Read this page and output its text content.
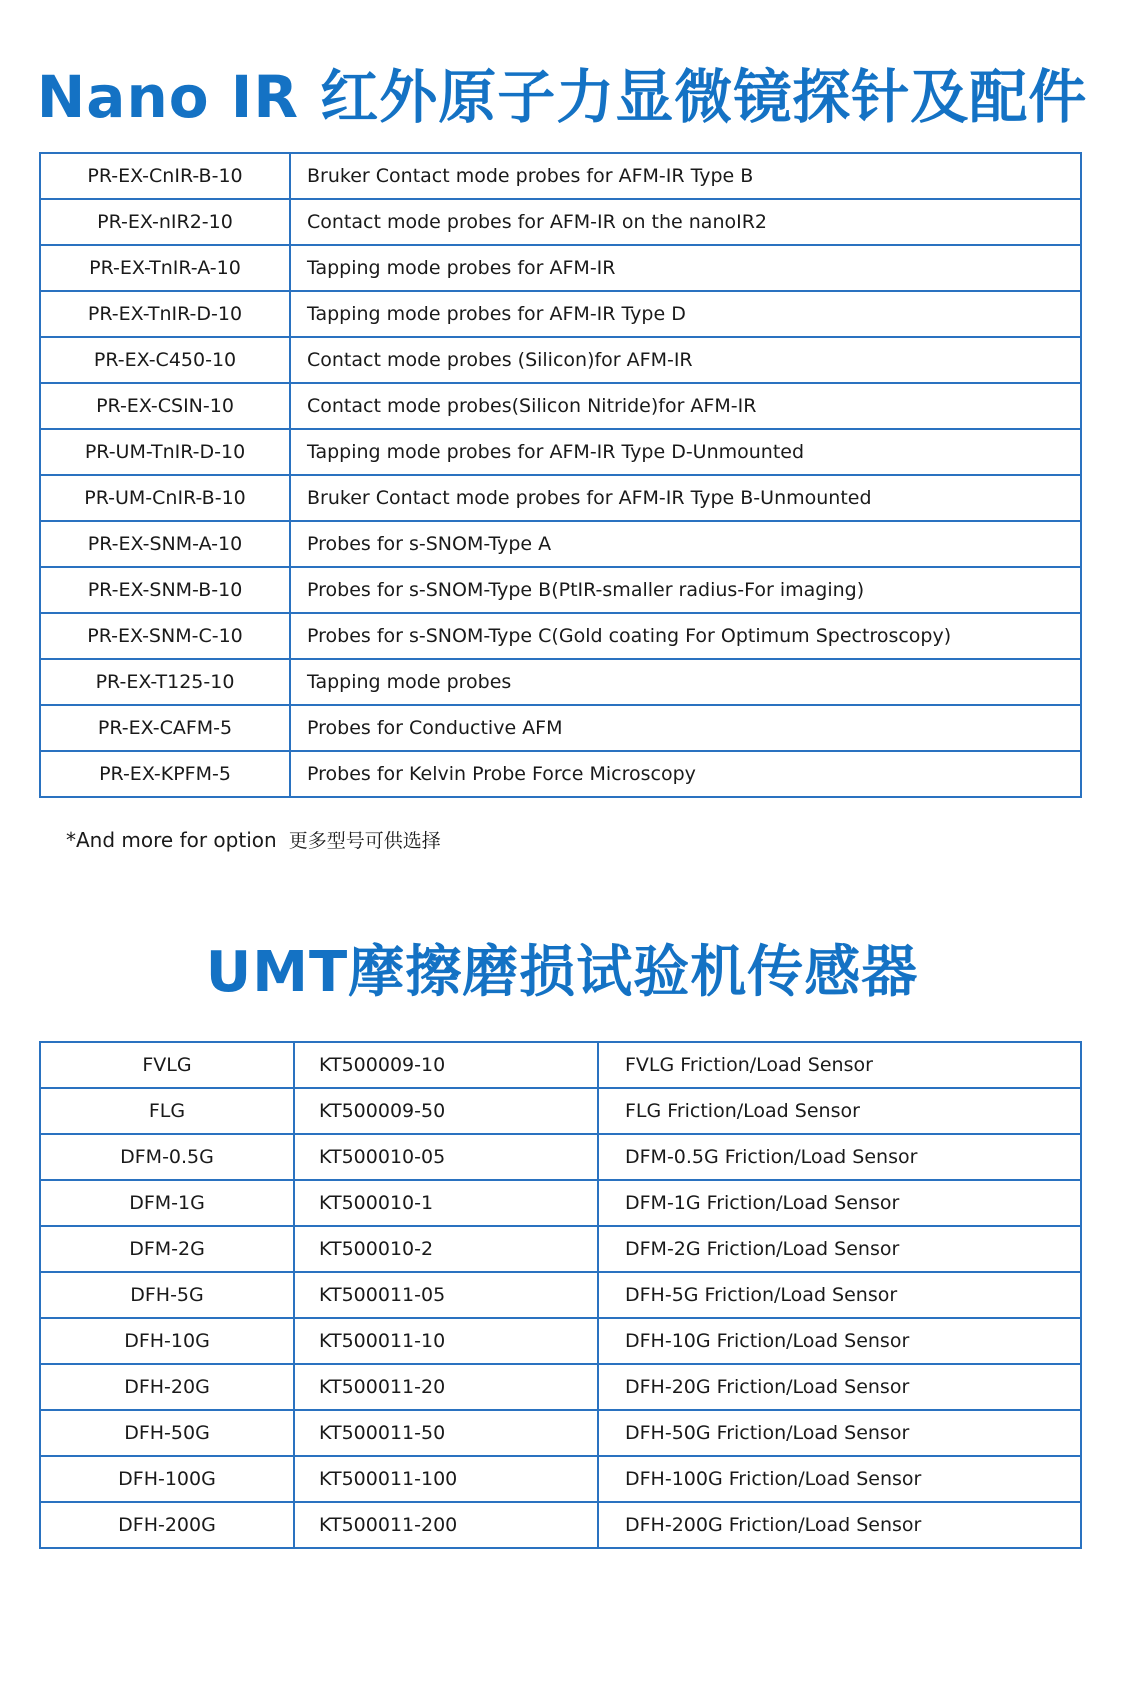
Nano IR 红外原子力显微镜探针及配件
PR-EX-CnIR-B-10	Bruker Contact mode probes for AFM-IR Type B
PR-EX-nIR2-10	Contact mode probes for AFM-IR on the nanoIR2
PR-EX-TnIR-A-10	Tapping mode probes for AFM-IR
PR-EX-TnIR-D-10	Tapping mode probes for AFM-IR Type D
PR-EX-C450-10	Contact mode probes (Silicon)for AFM-IR
PR-EX-CSIN-10	Contact mode probes(Silicon Nitride)for AFM-IR
PR-UM-TnIR-D-10	Tapping mode probes for AFM-IR Type D-Unmounted
PR-UM-CnIR-B-10	Bruker Contact mode probes for AFM-IR Type B-Unmounted
PR-EX-SNM-A-10	Probes for s-SNOM-Type A
PR-EX-SNM-B-10	Probes for s-SNOM-Type B(PtIR-smaller radius-For imaging)
PR-EX-SNM-C-10	Probes for s-SNOM-Type C(Gold coating For Optimum Spectroscopy)
PR-EX-T125-10	Tapping mode probes
PR-EX-CAFM-5	Probes for Conductive AFM
PR-EX-KPFM-5	Probes for Kelvin Probe Force Microscopy
*And more for option 更多型号可供选择
UMT摩擦磨损试验机传感器
FVLG	KT500009-10	FVLG Friction/Load Sensor
FLG	KT500009-50	FLG Friction/Load Sensor
DFM-0.5G	KT500010-05	DFM-0.5G Friction/Load Sensor
DFM-1G	KT500010-1	DFM-1G Friction/Load Sensor
DFM-2G	KT500010-2	DFM-2G Friction/Load Sensor
DFH-5G	KT500011-05	DFH-5G Friction/Load Sensor
DFH-10G	KT500011-10	DFH-10G Friction/Load Sensor
DFH-20G	KT500011-20	DFH-20G Friction/Load Sensor
DFH-50G	KT500011-50	DFH-50G Friction/Load Sensor
DFH-100G	KT500011-100	DFH-100G Friction/Load Sensor
DFH-200G	KT500011-200	DFH-200G Friction/Load Sensor
